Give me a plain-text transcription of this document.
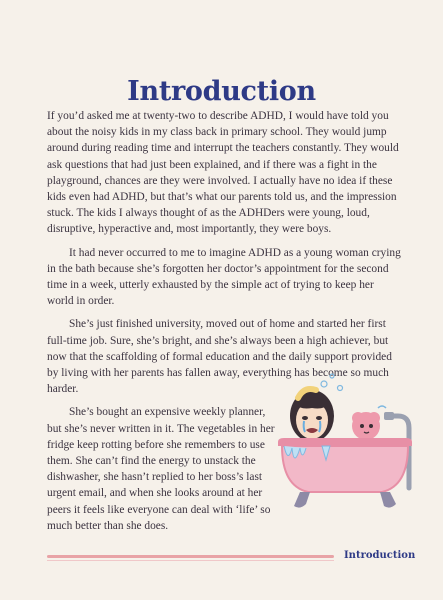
Introduction

If you’d asked me at twenty-two to describe ADHD, I would have told you about the noisy kids in my class back in primary school. They would jump around during reading time and interrupt the teachers constantly. They would ask questions that had just been explained, and if there was a fight in the playground, chances are they were involved. I actually have no idea if these kids even had ADHD, but that’s what our parents told us, and the impression stuck. The kids I always thought of as the ADHDers were young, loud, disruptive, hyperactive and, most importantly, they were boys.

It had never occurred to me to imagine ADHD as a young woman crying in the bath because she’s forgotten her doctor’s appointment for the second time in a week, utterly exhausted by the simple act of trying to keep her world in order.

She’s just finished university, moved out of home and started her first full-time job. Sure, she’s bright, and she’s always been a high achiever, but now that the scaffolding of formal education and the daily support provided by living with her parents has fallen away, everything has become so much harder.

She’s bought an expensive weekly planner, but she’s never written in it. The vegetables in her fridge keep rotting before she remembers to use them. She can’t find the energy to unstack the dishwasher, she hasn’t replied to her boss’s last urgent email, and when she looks around at her peers it feels like everyone can deal with ‘life’ so much better than she does.

Introduction
